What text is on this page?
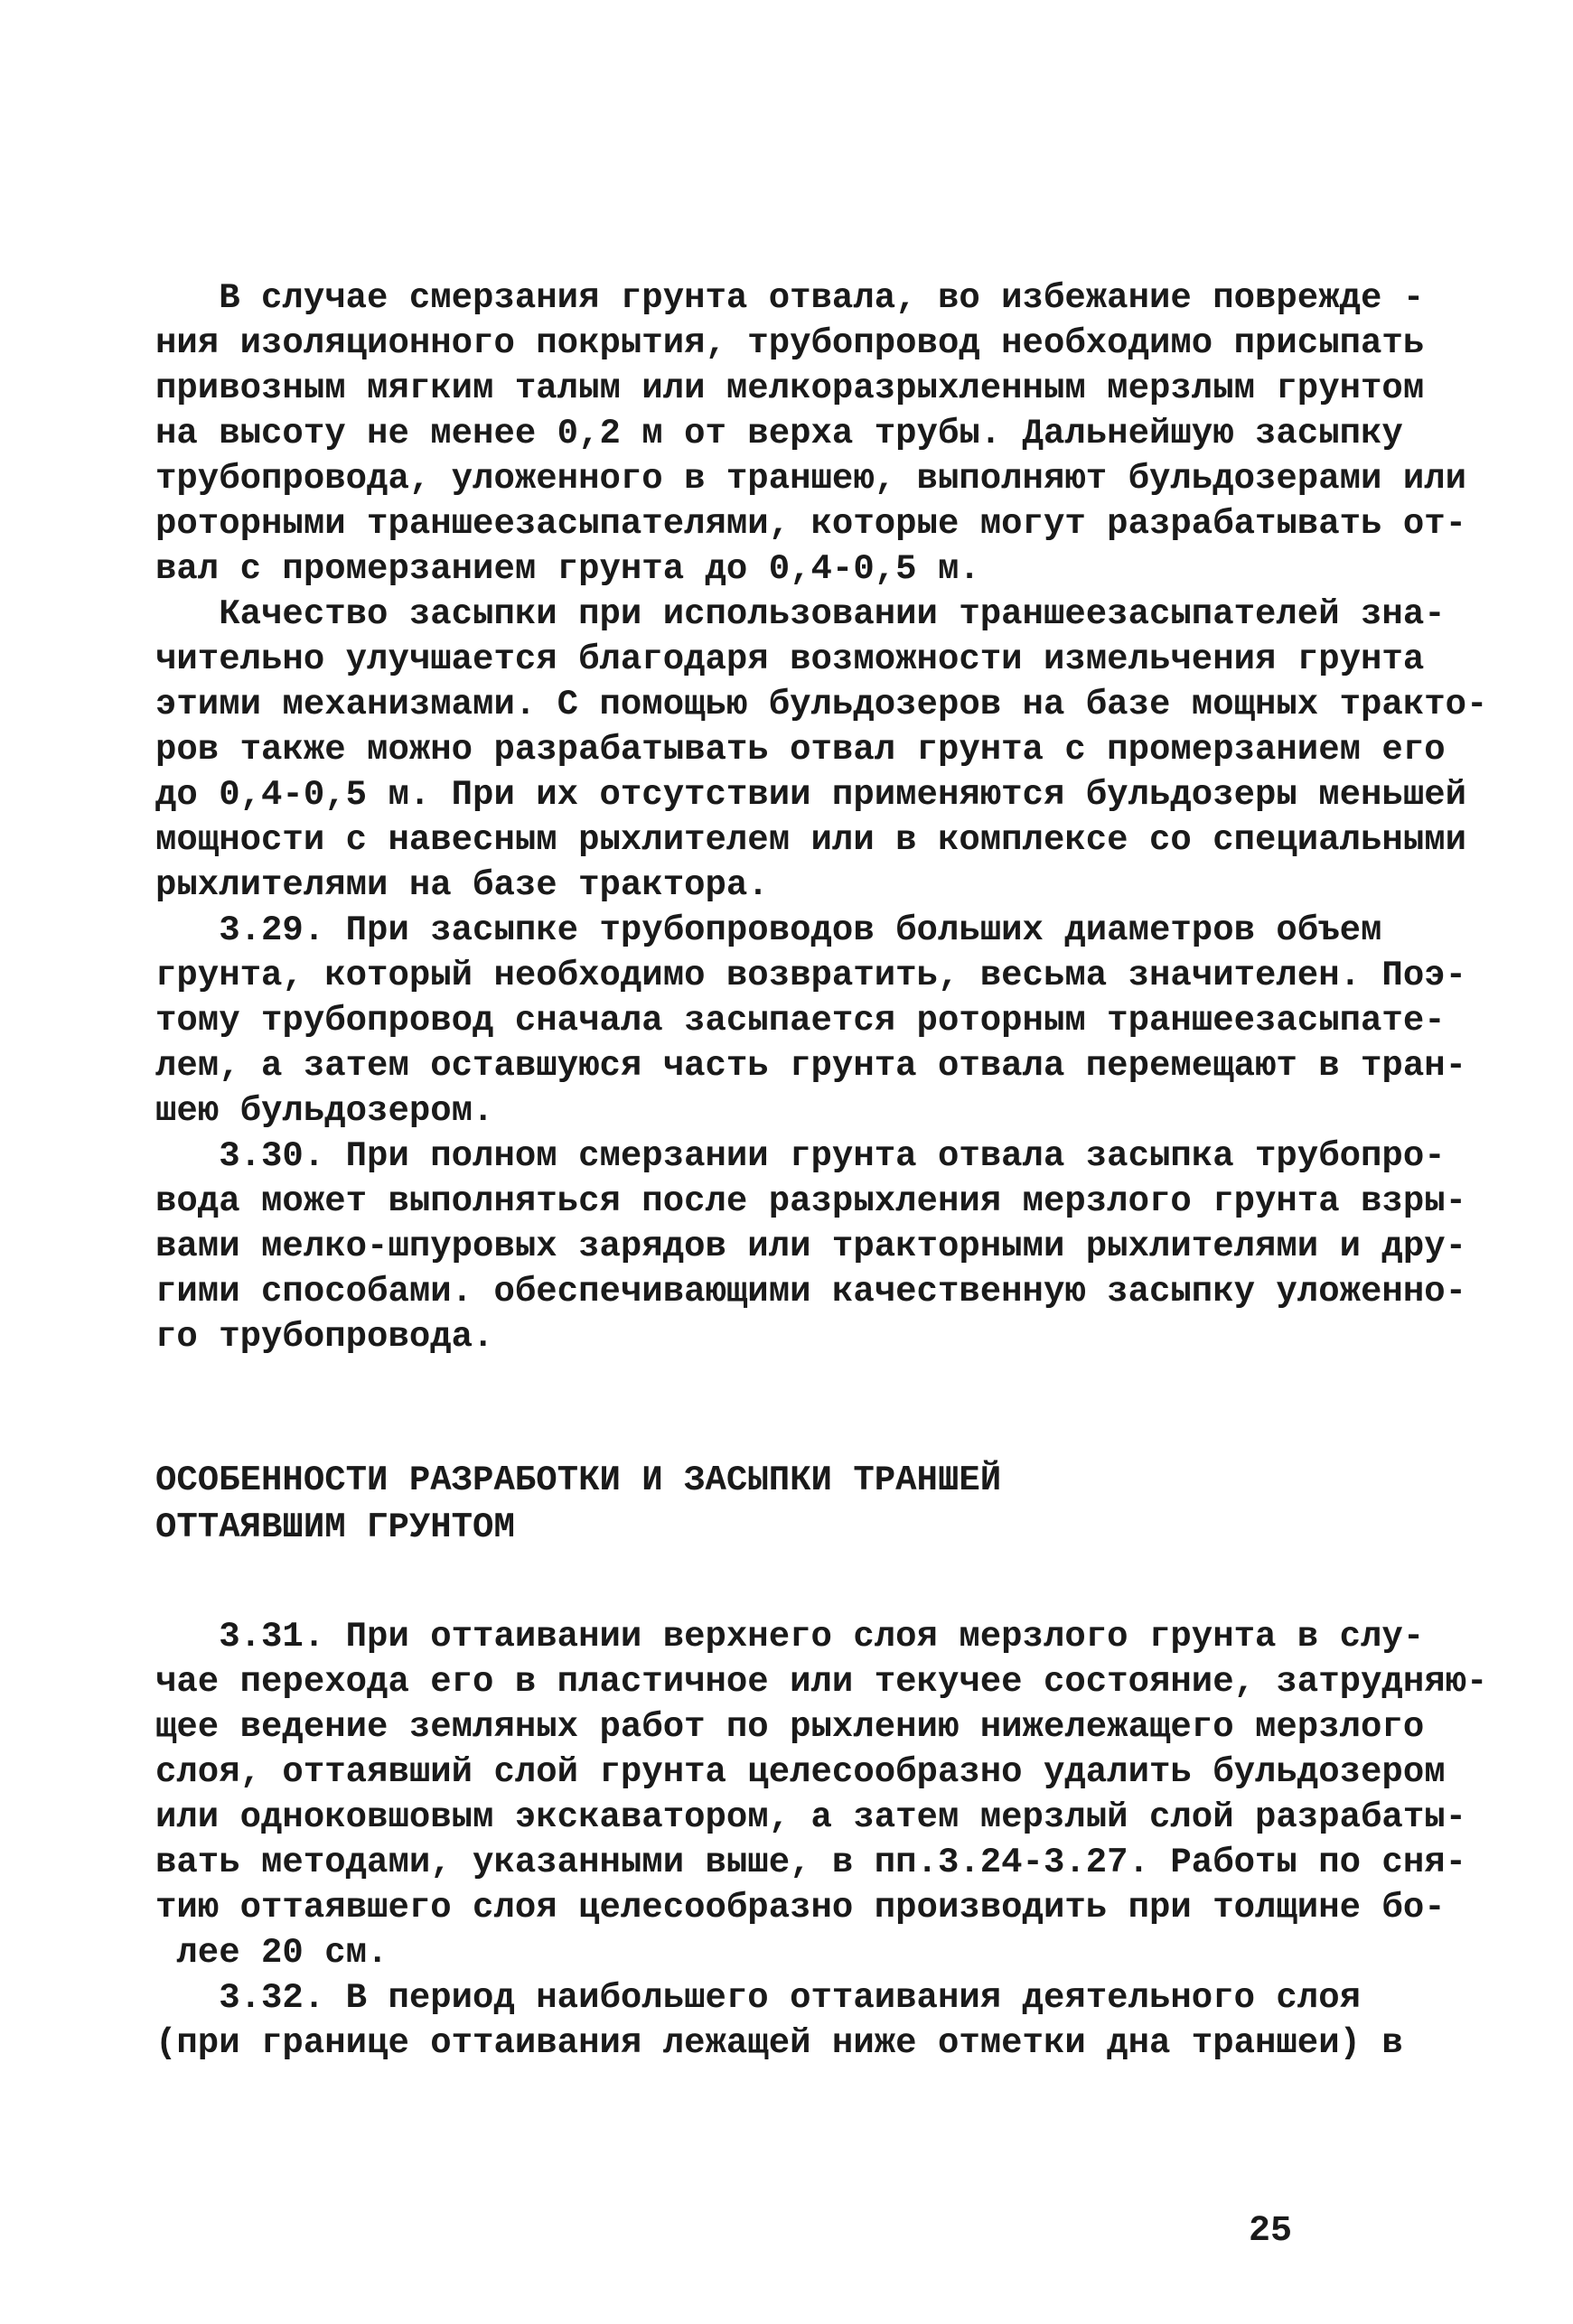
В случае смерзания грунта отвала, во избежание поврежде -
ния изоляционного покрытия, трубопровод необходимо присыпать
привозным мягким талым или мелкоразрыхленным мерзлым грунтом
на высоту не менее 0,2 м от верха трубы. Дальнейшую засыпку
трубопровода, уложенного в траншею, выполняют бульдозерами или
роторными траншеезасыпателями, которые могут разрабатывать от-
вал с промерзанием грунта до 0,4-0,5 м.
Качество засыпки при использовании траншеезасыпателей зна-
чительно улучшается благодаря возможности измельчения грунта
этими механизмами. С помощью бульдозеров на базе мощных тракто-
ров также можно разрабатывать отвал грунта с промерзанием его
до 0,4-0,5 м. При их отсутствии применяются бульдозеры меньшей
мощности с навесным рыхлителем или в комплексе со специальными
рыхлителями на базе трактора.
3.29. При засыпке трубопроводов больших диаметров объем
грунта, который необходимо возвратить, весьма значителен. Поэ-
тому трубопровод сначала засыпается роторным траншеезасыпате-
лем, а затем оставшуюся часть грунта отвала перемещают в тран-
шею бульдозером.
3.30. При полном смерзании грунта отвала засыпка трубопро-
вода может выполняться после разрыхления мерзлого грунта взры-
вами мелко-шпуровых зарядов или тракторными рыхлителями и дру-
гими способами. обеспечивающими качественную засыпку уложенно-
го трубопровода.
ОСОБЕННОСТИ РАЗРАБОТКИ И ЗАСЫПКИ ТРАНШЕЙ
ОТТАЯВШИМ ГРУНТОМ
3.31. При оттаивании верхнего слоя мерзлого грунта в слу-
чае перехода его в пластичное или текучее состояние, затрудняю-
щее ведение земляных работ по рыхлению нижележащего мерзлого
слоя, оттаявший слой грунта целесообразно удалить бульдозером
или одноковшовым экскаватором, а затем мерзлый слой разрабаты-
вать методами, указанными выше, в пп.3.24-3.27. Работы по сня-
тию оттаявшего слоя целесообразно производить при толщине бо-
лее 20 см.
3.32. В период наибольшего оттаивания деятельного слоя
(при границе оттаивания лежащей ниже отметки дна траншеи) в
25
